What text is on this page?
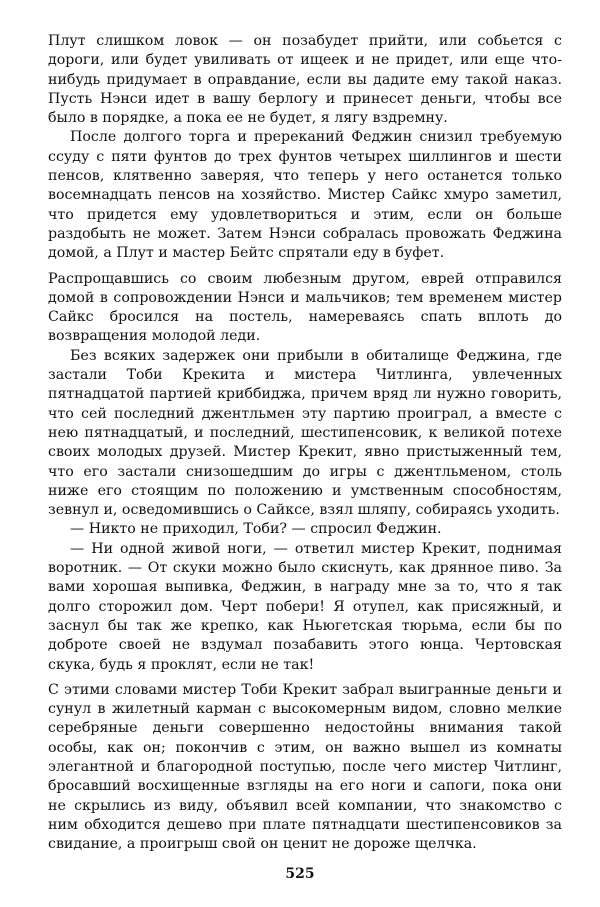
Плут слишком ловок — он позабудет прийти, или собьется с дороги, или будет увиливать от ищеек и не придет, или еще что-нибудь придумает в оправдание, если вы дадите ему такой наказ. Пусть Нэнси идет в вашу берлогу и принесет деньги, чтобы все было в порядке, а пока ее не будет, я лягу вздремну.

После долгого торга и пререканий Феджин снизил требуемую ссуду с пяти фунтов до трех фунтов четырех шиллингов и шести пенсов, клятвенно заверяя, что теперь у него останется только восемнадцать пенсов на хозяйство. Мистер Сайкс хмуро заметил, что придется ему удовлетвориться и этим, если он больше раздобыть не может. Затем Нэнси собралась провожать Феджина домой, а Плут и мастер Бейтс спрятали еду в буфет.

Распрощавшись со своим любезным другом, еврей отправился домой в сопровождении Нэнси и мальчиков; тем временем мистер Сайкс бросился на постель, намереваясь спать вплоть до возвращения молодой леди.

Без всяких задержек они прибыли в обиталище Феджина, где застали Тоби Крекита и мистера Читлинга, увлеченных пятнадцатой партией криббиджа, причем вряд ли нужно говорить, что сей последний джентльмен эту партию проиграл, а вместе с нею пятнадцатый, и последний, шестипенсовик, к великой потехе своих молодых друзей. Мистер Крекит, явно пристыженный тем, что его застали снизошедшим до игры с джентльменом, столь ниже его стоящим по положению и умственным способностям, зевнул и, осведомившись о Сайксе, взял шляпу, собираясь уходить.

— Никто не приходил, Тоби? — спросил Феджин.

— Ни одной живой ноги, — ответил мистер Крекит, поднимая воротник. — От скуки можно было скиснуть, как дрянное пиво. За вами хорошая выпивка, Феджин, в награду мне за то, что я так долго сторожил дом. Черт побери! Я отупел, как присяжный, и заснул бы так же крепко, как Ньюгетская тюрьма, если бы по доброте своей не вздумал позабавить этого юнца. Чертовская скука, будь я проклят, если не так!

С этими словами мистер Тоби Крекит забрал выигранные деньги и сунул в жилетный карман с высокомерным видом, словно мелкие серебряные деньги совершенно недостойны внимания такой особы, как он; покончив с этим, он важно вышел из комнаты элегантной и благородной поступью, после чего мистер Читлинг, бросавший восхищенные взгляды на его ноги и сапоги, пока они не скрылись из виду, объявил всей компании, что знакомство с ним обходится дешево при плате пятнадцати шестипенсовиков за свидание, а проигрыш свой он ценит не дороже щелчка.

525
